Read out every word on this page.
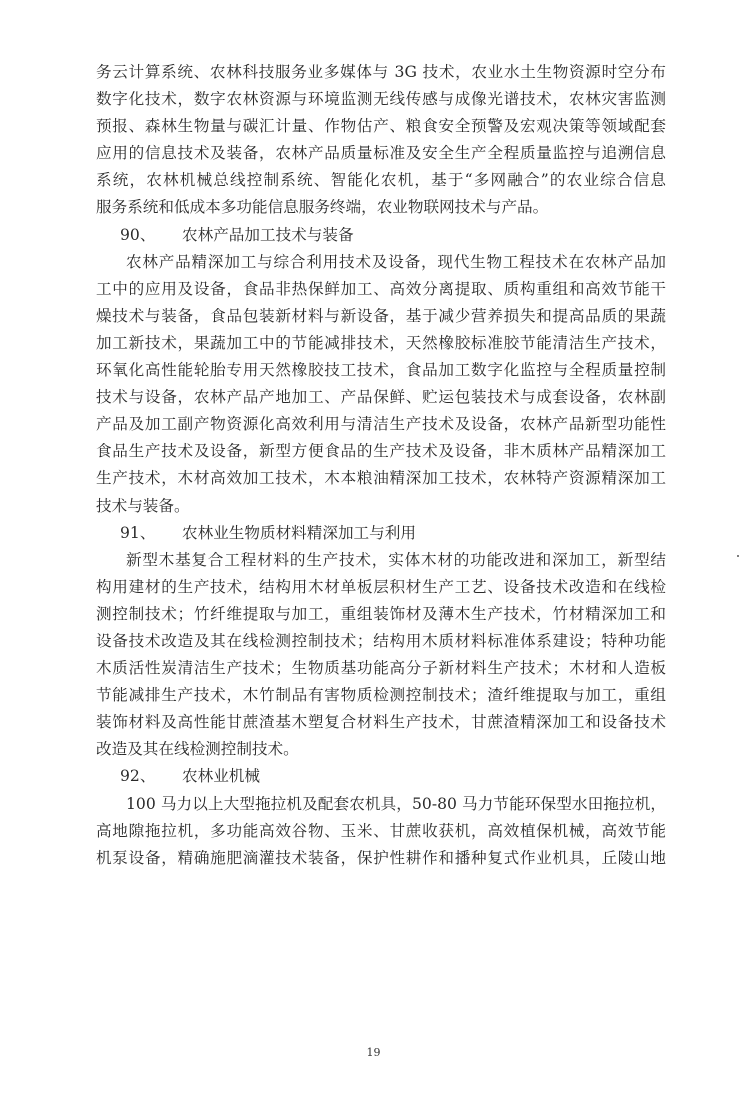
务云计算系统、农林科技服务业多媒体与 3G 技术，农业水土生物资源时空分布
数字化技术，数字农林资源与环境监测无线传感与成像光谱技术，农林灾害监测
预报、森林生物量与碳汇计量、作物估产、粮食安全预警及宏观决策等领域配套
应用的信息技术及装备，农林产品质量标准及安全生产全程质量监控与追溯信息
系统，农林机械总线控制系统、智能化农机，基于“多网融合”的农业综合信息
服务系统和低成本多功能信息服务终端，农业物联网技术与产品。
90、 农林产品加工技术与装备
农林产品精深加工与综合利用技术及设备，现代生物工程技术在农林产品加
工中的应用及设备，食品非热保鲜加工、高效分离提取、质构重组和高效节能干
燥技术与装备，食品包装新材料与新设备，基于减少营养损失和提高品质的果蔬
加工新技术，果蔬加工中的节能减排技术，天然橡胶标准胶节能清洁生产技术，
环氧化高性能轮胎专用天然橡胶技工技术，食品加工数字化监控与全程质量控制
技术与设备，农林产品产地加工、产品保鲜、贮运包装技术与成套设备，农林副
产品及加工副产物资源化高效利用与清洁生产技术及设备，农林产品新型功能性
食品生产技术及设备，新型方便食品的生产技术及设备，非木质林产品精深加工
生产技术，木材高效加工技术，木本粮油精深加工技术，农林特产资源精深加工
技术与装备。
91、 农林业生物质材料精深加工与利用
新型木基复合工程材料的生产技术，实体木材的功能改进和深加工，新型结
构用建材的生产技术，结构用木材单板层积材生产工艺、设备技术改造和在线检
测控制技术；竹纤维提取与加工，重组装饰材及薄木生产技术，竹材精深加工和
设备技术改造及其在线检测控制技术；结构用木质材料标准体系建设；特种功能
木质活性炭清洁生产技术；生物质基功能高分子新材料生产技术；木材和人造板
节能减排生产技术，木竹制品有害物质检测控制技术；渣纤维提取与加工，重组
装饰材料及高性能甘蔗渣基木塑复合材料生产技术，甘蔗渣精深加工和设备技术
改造及其在线检测控制技术。
92、 农林业机械
100 马力以上大型拖拉机及配套农机具，50-80 马力节能环保型水田拖拉机，
高地隙拖拉机，多功能高效谷物、玉米、甘蔗收获机，高效植保机械，高效节能
机泵设备，精确施肥滴灌技术装备，保护性耕作和播种复式作业机具，丘陵山地
19
